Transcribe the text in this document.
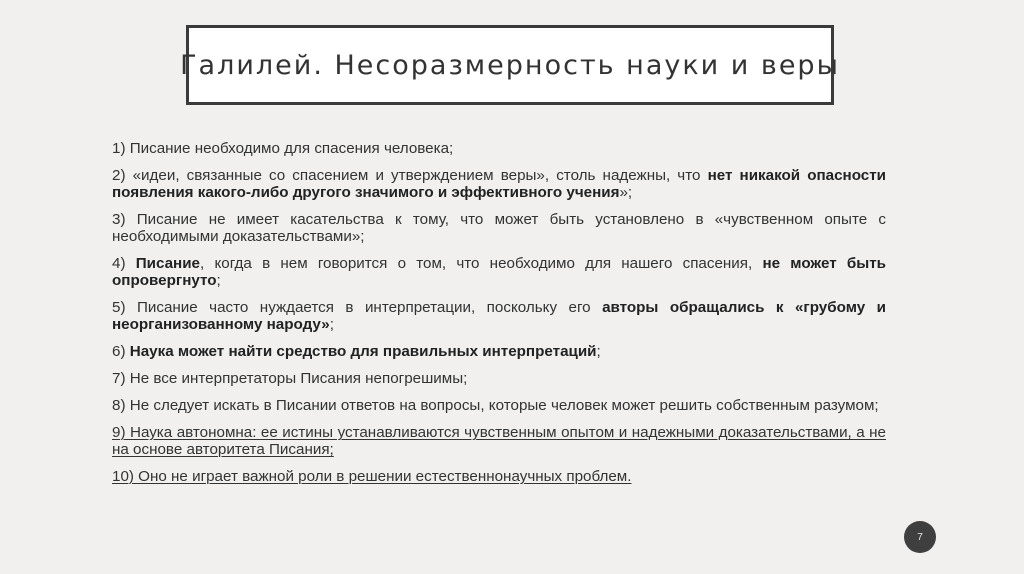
Галилей. Несоразмерность науки и веры

1) Писание необходимо для спасения человека;

2) «идеи, связанные со спасением и утверждением веры», столь надежны, что нет никакой опасности появления какого-либо другого значимого и эффективного учения»;

3) Писание не имеет касательства к тому, что может быть установлено в «чувственном опыте с необходимыми доказательствами»;

4) Писание, когда в нем говорится о том, что необходимо для нашего спасения, не может быть опровергнуто;

5) Писание часто нуждается в интерпретации, поскольку его авторы обращались к «грубому и неорганизованному народу»;

6) Наука может найти средство для правильных интерпретаций;

7) Не все интерпретаторы Писания непогрешимы;

8) Не следует искать в Писании ответов на вопросы, которые человек может решить собственным разумом;

9) Наука автономна: ее истины устанавливаются чувственным опытом и надежными доказательствами, а не на основе авторитета Писания;

10) Оно не играет важной роли в решении естественнонаучных проблем.

7
